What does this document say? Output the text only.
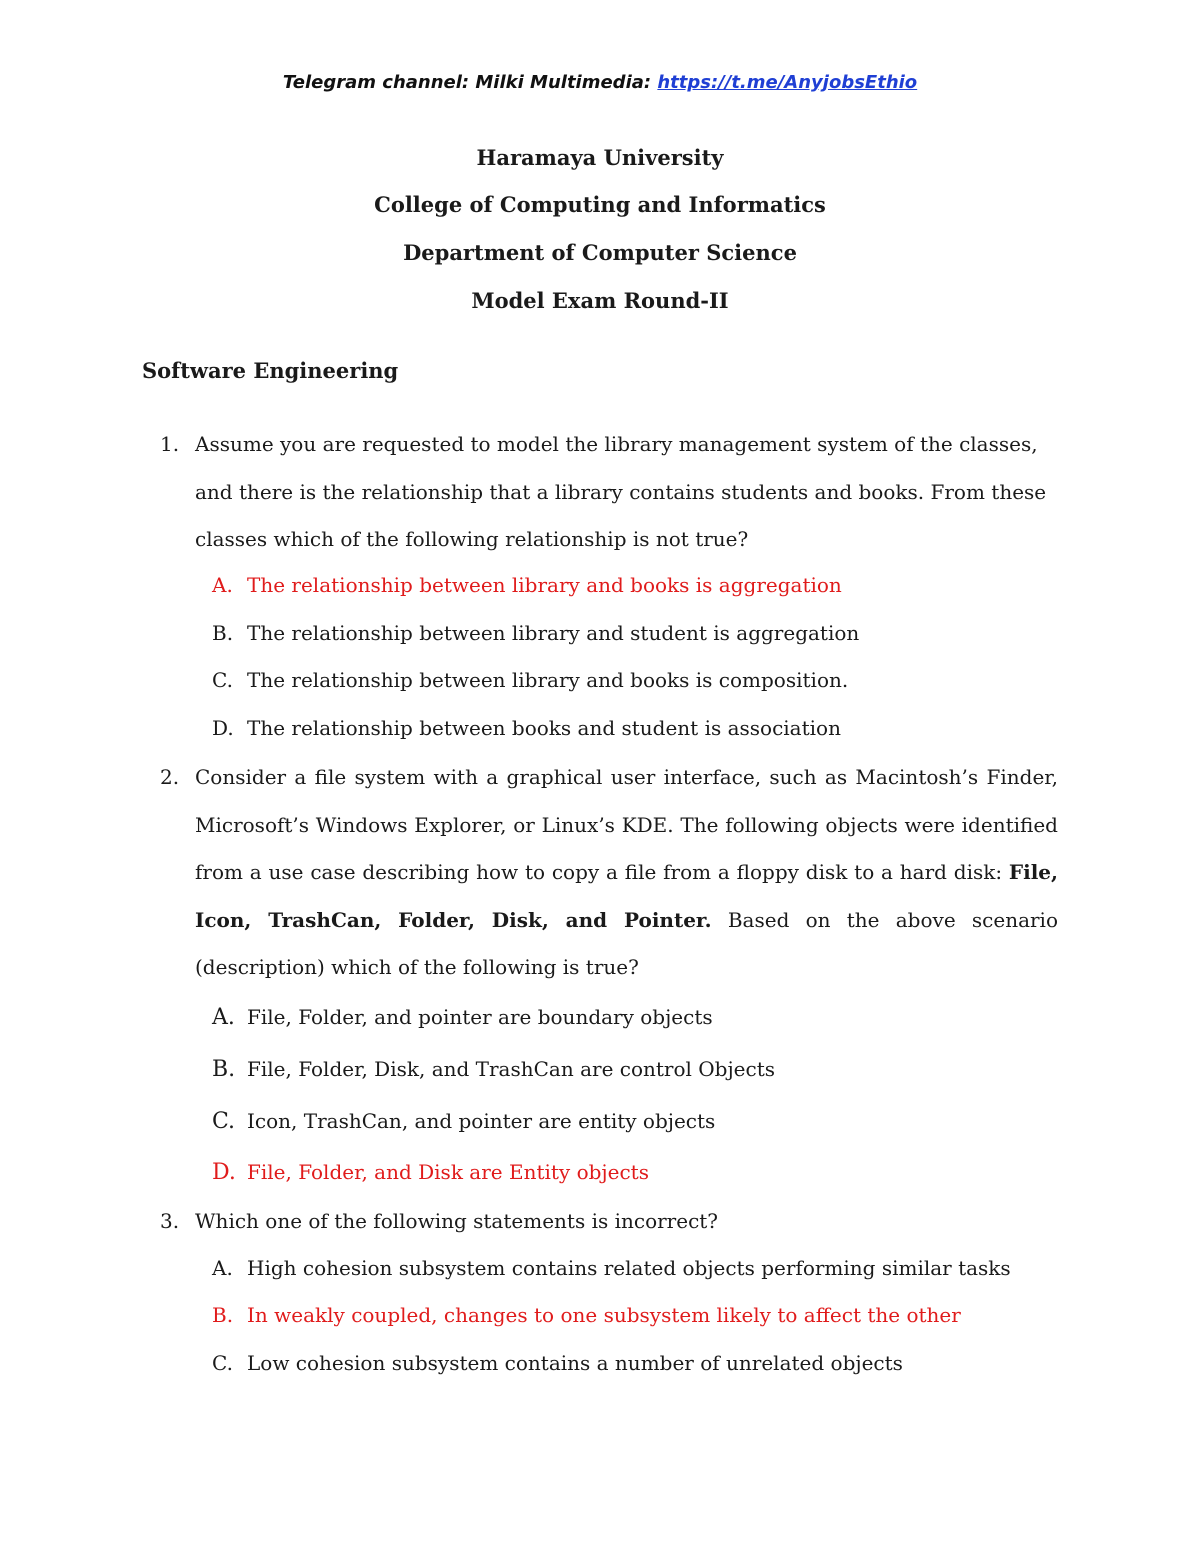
Telegram channel: Milki Multimedia: https://t.me/AnyjobsEthio
Haramaya University
College of Computing and Informatics
Department of Computer Science
Model Exam Round-II
Software Engineering
1. Assume you are requested to model the library management system of the classes, and there is the relationship that a library contains students and books. From these classes which of the following relationship is not true?
A. The relationship between library and books is aggregation
B. The relationship between library and student is aggregation
C. The relationship between library and books is composition.
D. The relationship between books and student is association
2. Consider a file system with a graphical user interface, such as Macintosh’s Finder, Microsoft’s Windows Explorer, or Linux’s KDE. The following objects were identified from a use case describing how to copy a file from a floppy disk to a hard disk: File, Icon, TrashCan, Folder, Disk, and Pointer. Based on the above scenario (description) which of the following is true?
A. File, Folder, and pointer are boundary objects
B. File, Folder, Disk, and TrashCan are control Objects
C. Icon, TrashCan, and pointer are entity objects
D. File, Folder, and Disk are Entity objects
3. Which one of the following statements is incorrect?
A. High cohesion subsystem contains related objects performing similar tasks
B. In weakly coupled, changes to one subsystem likely to affect the other
C. Low cohesion subsystem contains a number of unrelated objects
